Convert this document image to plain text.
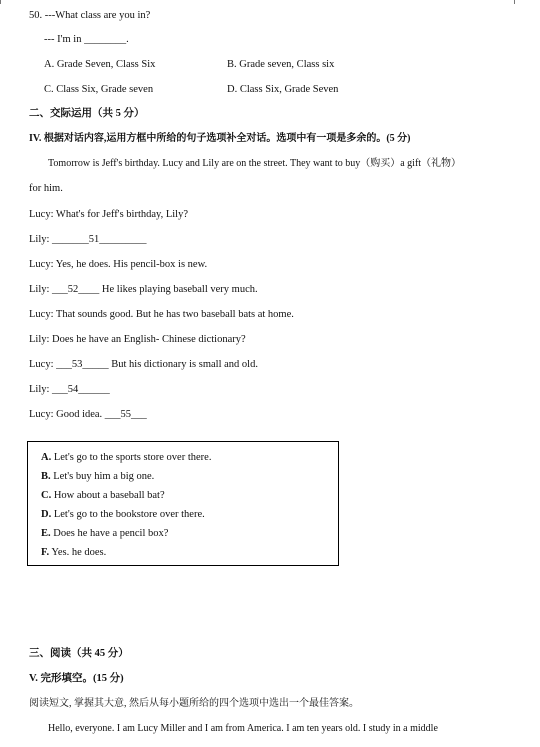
50. ---What class are you in?
--- I'm in ________.
A. Grade Seven, Class Six	B. Grade seven, Class six
C. Class Six, Grade seven	D. Class Six, Grade Seven
二、交际运用（共 5 分）
IV. 根据对话内容,运用方框中所给的句子选项补全对话。选项中有一项是多余的。(5 分)
Tomorrow is Jeff's birthday. Lucy and Lily are on the street. They want to buy（购买）a gift（礼物）
for him.
Lucy: What's for Jeff's birthday, Lily?
Lily: _______51_________
Lucy: Yes, he does. His pencil-box is new.
Lily: ___52____ He likes playing baseball very much.
Lucy: That sounds good. But he has two baseball bats at home.
Lily: Does he have an English- Chinese dictionary?
Lucy: ___53_____ But his dictionary is small and old.
Lily: ___54______
Lucy: Good idea. ___55___
A. Let's go to the sports store over there.
B. Let's buy him a big one.
C. How about a baseball bat?
D. Let's go to the bookstore over there.
E. Does he have a pencil box?
F. Yes. he does.
三、阅读（共 45 分）
V. 完形填空。(15 分)
阅读短文, 掌握其大意, 然后从每小题所给的四个选项中选出一个最佳答案。
Hello, everyone. I am Lucy Miller and I am from America. I am ten years old. I study in a middle
